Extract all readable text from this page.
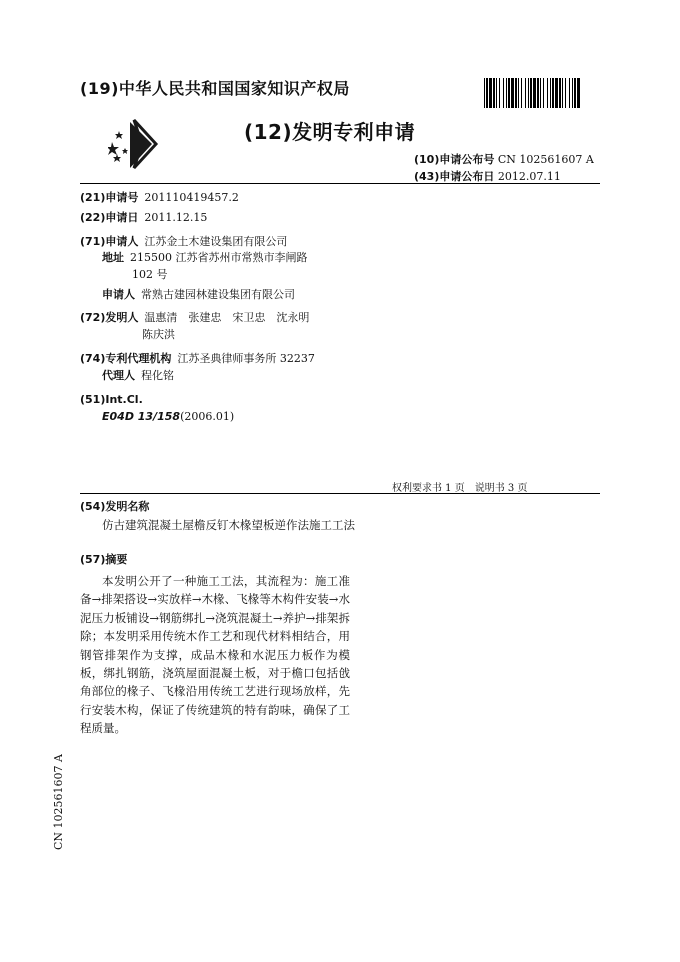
(19)中华人民共和国国家知识产权局
(12)发明专利申请
(10)申请公布号 CN 102561607 A
(43)申请公布日 2012.07.11
(21)申请号 201110419457.2
(22)申请日 2011.12.15
(71)申请人 江苏金土木建设集团有限公司
地址 215500 江苏省苏州市常熟市李闸路
102 号
申请人 常熟古建园林建设集团有限公司
(72)发明人 温惠清　张建忠　宋卫忠　沈永明
陈庆洪
(74)专利代理机构 江苏圣典律师事务所 32237
代理人 程化铭
(51)Int.Cl.
E04D 13/158(2006.01)
权利要求书 1 页　说明书 3 页
(54)发明名称
仿古建筑混凝土屋檐反钉木椽望板逆作法施工工法
(57)摘要
本发明公开了一种施工工法，其流程为：施工准备→排架搭设→实放样→木椽、飞椽等木构件安装→水泥压力板铺设→钢筋绑扎→浇筑混凝土→养护→排架拆除；本发明采用传统木作工艺和现代材料相结合，用钢管排架作为支撑，成品木椽和水泥压力板作为模板，绑扎钢筋，浇筑屋面混凝土板，对于檐口包括戗角部位的椽子、飞椽沿用传统工艺进行现场放样，先行安装木构，保证了传统建筑的特有韵味，确保了工程质量。
CN 102561607 A
